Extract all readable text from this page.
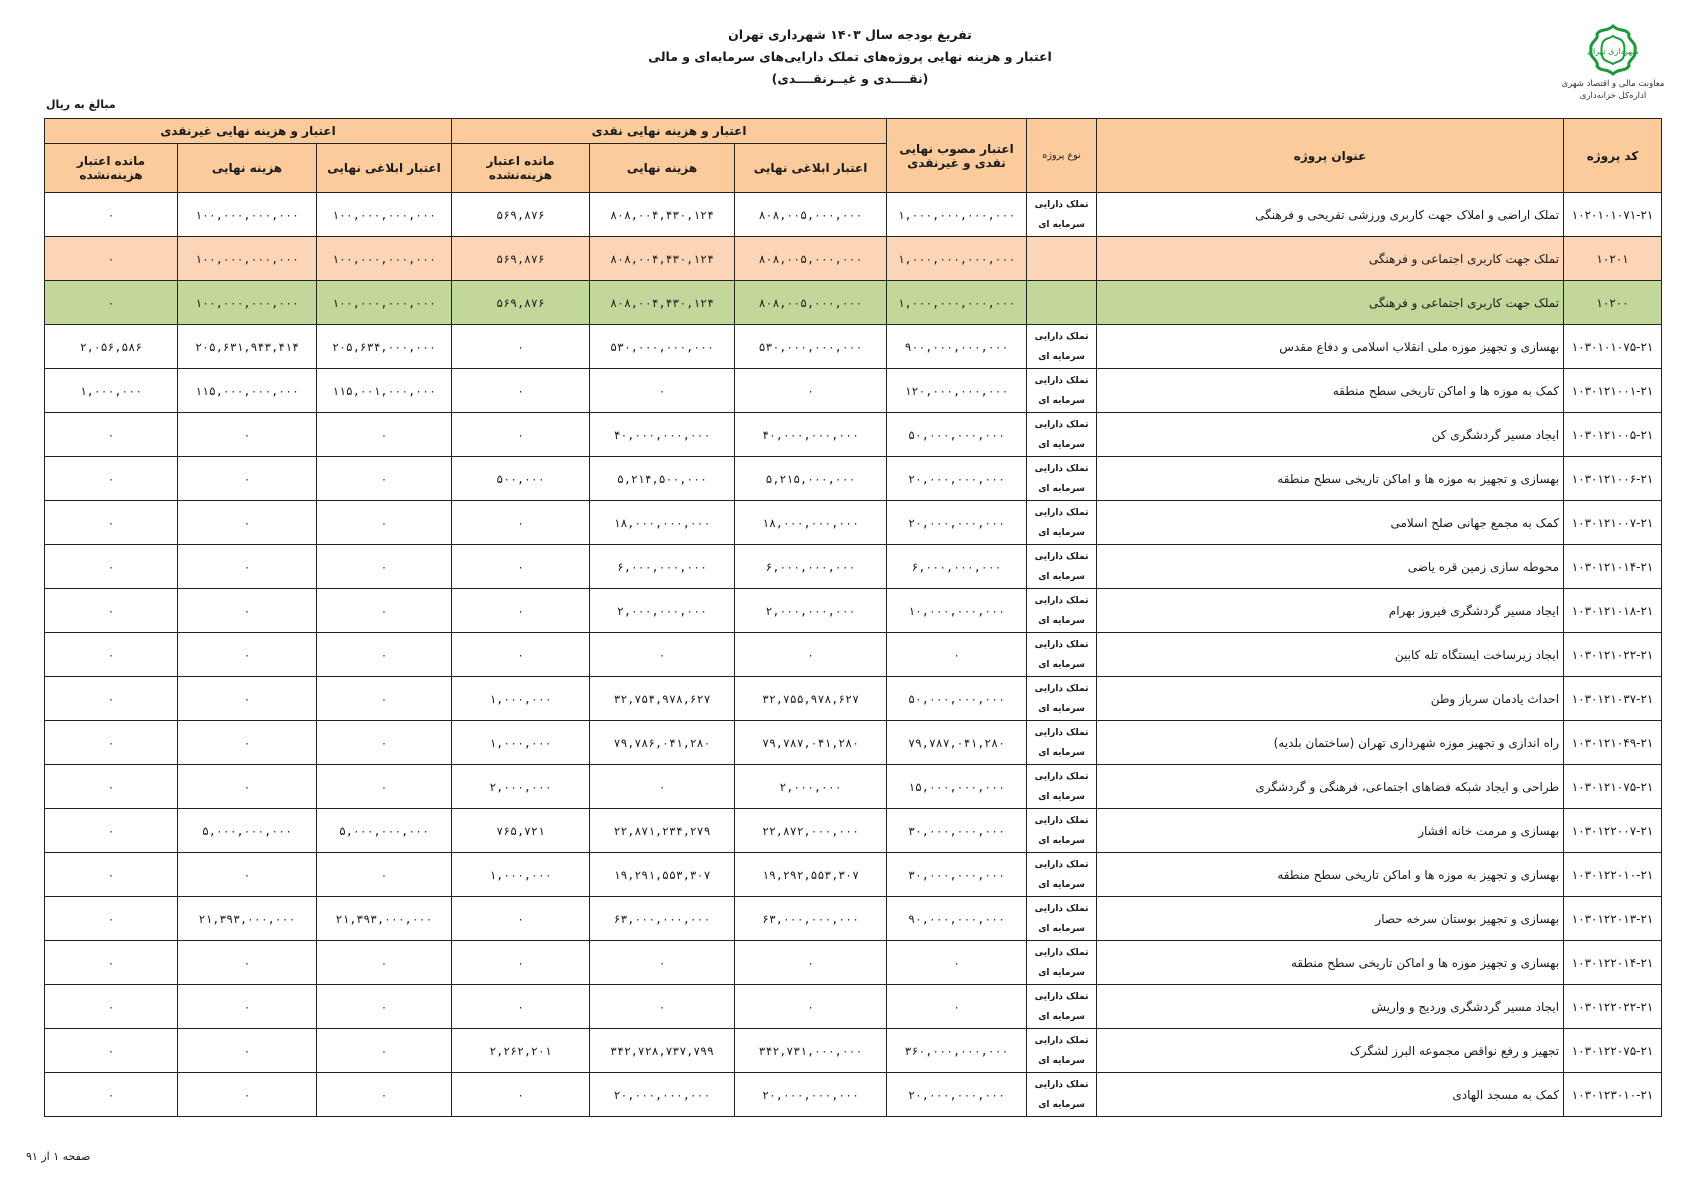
تفریغ بودجه سال ۱۴۰۳ شهرداری تهران
اعتبار و هزینه نهایی پروژه‌های تملک دارایی‌های سرمایه‌ای و مالی
(نقــــدی و غیــرنقــــدی)
شهرداری تهران
معاونت مالی و اقتصاد شهری
اداره‌کل خزانه‌داری
مبالغ به ریال
کد پروژه	عنوان پروژه	نوع پروژه	اعتبار مصوب نهایی نقدی و غیرنقدی	اعتبار و هزینه نهایی نقدی			اعتبار و هزینه نهایی غیرنقدی		
				اعتبار ابلاغی نهایی	هزینه نهایی	مانده اعتبار هزینه‌نشده	اعتبار ابلاغی نهایی	هزینه نهایی	مانده اعتبار هزینه‌نشده
۱۰۲۰۱۰۱۰۷۱-۲۱	تملک اراضی و املاک جهت کاربری ورزشی تفریحی و فرهنگی	تملک دارایی
سرمایه ای	۱,۰۰۰,۰۰۰,۰۰۰,۰۰۰	۸۰۸,۰۰۵,۰۰۰,۰۰۰	۸۰۸,۰۰۴,۴۳۰,۱۲۴	۵۶۹,۸۷۶	۱۰۰,۰۰۰,۰۰۰,۰۰۰	۱۰۰,۰۰۰,۰۰۰,۰۰۰	۰
۱۰۲۰۱	تملک جهت کاربری اجتماعی و فرهنگی		۱,۰۰۰,۰۰۰,۰۰۰,۰۰۰	۸۰۸,۰۰۵,۰۰۰,۰۰۰	۸۰۸,۰۰۴,۴۳۰,۱۲۴	۵۶۹,۸۷۶	۱۰۰,۰۰۰,۰۰۰,۰۰۰	۱۰۰,۰۰۰,۰۰۰,۰۰۰	۰
۱۰۲۰۰	تملک جهت کاربری اجتماعی و فرهنگی		۱,۰۰۰,۰۰۰,۰۰۰,۰۰۰	۸۰۸,۰۰۵,۰۰۰,۰۰۰	۸۰۸,۰۰۴,۴۳۰,۱۲۴	۵۶۹,۸۷۶	۱۰۰,۰۰۰,۰۰۰,۰۰۰	۱۰۰,۰۰۰,۰۰۰,۰۰۰	۰
۱۰۳۰۱۰۱۰۷۵-۲۱	بهسازی و تجهیز موزه ملی انقلاب اسلامی و دفاع مقدس	تملک دارایی
سرمایه ای	۹۰۰,۰۰۰,۰۰۰,۰۰۰	۵۳۰,۰۰۰,۰۰۰,۰۰۰	۵۳۰,۰۰۰,۰۰۰,۰۰۰	۰	۲۰۵,۶۳۴,۰۰۰,۰۰۰	۲۰۵,۶۳۱,۹۴۳,۴۱۴	۲,۰۵۶,۵۸۶
۱۰۳۰۱۲۱۰۰۱-۲۱	کمک به موزه ها و اماکن تاریخی سطح منطقه	تملک دارایی
سرمایه ای	۱۲۰,۰۰۰,۰۰۰,۰۰۰	۰	۰	۰	۱۱۵,۰۰۱,۰۰۰,۰۰۰	۱۱۵,۰۰۰,۰۰۰,۰۰۰	۱,۰۰۰,۰۰۰
۱۰۳۰۱۲۱۰۰۵-۲۱	ایجاد مسیر گردشگری کن	تملک دارایی
سرمایه ای	۵۰,۰۰۰,۰۰۰,۰۰۰	۴۰,۰۰۰,۰۰۰,۰۰۰	۴۰,۰۰۰,۰۰۰,۰۰۰	۰	۰	۰	۰
۱۰۳۰۱۲۱۰۰۶-۲۱	بهسازی و تجهیز به موزه ها و اماکن تاریخی سطح منطقه	تملک دارایی
سرمایه ای	۲۰,۰۰۰,۰۰۰,۰۰۰	۵,۲۱۵,۰۰۰,۰۰۰	۵,۲۱۴,۵۰۰,۰۰۰	۵۰۰,۰۰۰	۰	۰	۰
۱۰۳۰۱۲۱۰۰۷-۲۱	کمک به مجمع جهانی صلح اسلامی	تملک دارایی
سرمایه ای	۲۰,۰۰۰,۰۰۰,۰۰۰	۱۸,۰۰۰,۰۰۰,۰۰۰	۱۸,۰۰۰,۰۰۰,۰۰۰	۰	۰	۰	۰
۱۰۳۰۱۲۱۰۱۴-۲۱	محوطه سازی زمین قره یاضی	تملک دارایی
سرمایه ای	۶,۰۰۰,۰۰۰,۰۰۰	۶,۰۰۰,۰۰۰,۰۰۰	۶,۰۰۰,۰۰۰,۰۰۰	۰	۰	۰	۰
۱۰۳۰۱۲۱۰۱۸-۲۱	ایجاد مسیر گردشگری فیروز بهرام	تملک دارایی
سرمایه ای	۱۰,۰۰۰,۰۰۰,۰۰۰	۲,۰۰۰,۰۰۰,۰۰۰	۲,۰۰۰,۰۰۰,۰۰۰	۰	۰	۰	۰
۱۰۳۰۱۲۱۰۲۲-۲۱	ایجاد زیرساخت ایستگاه تله کابین	تملک دارایی
سرمایه ای	۰	۰	۰	۰	۰	۰	۰
۱۰۳۰۱۲۱۰۳۷-۲۱	احداث یادمان سرباز وطن	تملک دارایی
سرمایه ای	۵۰,۰۰۰,۰۰۰,۰۰۰	۳۲,۷۵۵,۹۷۸,۶۲۷	۳۲,۷۵۴,۹۷۸,۶۲۷	۱,۰۰۰,۰۰۰	۰	۰	۰
۱۰۳۰۱۲۱۰۴۹-۲۱	راه اندازی و تجهیز موزه شهرداری تهران (ساختمان بلدیه)	تملک دارایی
سرمایه ای	۷۹,۷۸۷,۰۴۱,۲۸۰	۷۹,۷۸۷,۰۴۱,۲۸۰	۷۹,۷۸۶,۰۴۱,۲۸۰	۱,۰۰۰,۰۰۰	۰	۰	۰
۱۰۳۰۱۲۱۰۷۵-۲۱	طراحی و ایجاد شبکه فضاهای اجتماعی، فرهنگی و گردشگری	تملک دارایی
سرمایه ای	۱۵,۰۰۰,۰۰۰,۰۰۰	۲,۰۰۰,۰۰۰	۰	۲,۰۰۰,۰۰۰	۰	۰	۰
۱۰۳۰۱۲۲۰۰۷-۲۱	بهسازی و مرمت خانه افشار	تملک دارایی
سرمایه ای	۳۰,۰۰۰,۰۰۰,۰۰۰	۲۲,۸۷۲,۰۰۰,۰۰۰	۲۲,۸۷۱,۲۳۴,۲۷۹	۷۶۵,۷۲۱	۵,۰۰۰,۰۰۰,۰۰۰	۵,۰۰۰,۰۰۰,۰۰۰	۰
۱۰۳۰۱۲۲۰۱۰-۲۱	بهسازی و تجهیز به موزه ها و اماکن تاریخی سطح منطقه	تملک دارایی
سرمایه ای	۳۰,۰۰۰,۰۰۰,۰۰۰	۱۹,۲۹۲,۵۵۳,۳۰۷	۱۹,۲۹۱,۵۵۳,۳۰۷	۱,۰۰۰,۰۰۰	۰	۰	۰
۱۰۳۰۱۲۲۰۱۳-۲۱	بهسازی و تجهیز بوستان سرخه حصار	تملک دارایی
سرمایه ای	۹۰,۰۰۰,۰۰۰,۰۰۰	۶۳,۰۰۰,۰۰۰,۰۰۰	۶۳,۰۰۰,۰۰۰,۰۰۰	۰	۲۱,۳۹۳,۰۰۰,۰۰۰	۲۱,۳۹۳,۰۰۰,۰۰۰	۰
۱۰۳۰۱۲۲۰۱۴-۲۱	بهسازی و تجهیز موزه ها و اماکن تاریخی سطح منطقه	تملک دارایی
سرمایه ای	۰	۰	۰	۰	۰	۰	۰
۱۰۳۰۱۲۲۰۲۲-۲۱	ایجاد مسیر گردشگری وردیج و واریش	تملک دارایی
سرمایه ای	۰	۰	۰	۰	۰	۰	۰
۱۰۳۰۱۲۲۰۷۵-۲۱	تجهیز و رفع نواقص مجموعه البرز لشگرک	تملک دارایی
سرمایه ای	۳۶۰,۰۰۰,۰۰۰,۰۰۰	۳۴۲,۷۳۱,۰۰۰,۰۰۰	۳۴۲,۷۲۸,۷۳۷,۷۹۹	۲,۲۶۲,۲۰۱	۰	۰	۰
۱۰۳۰۱۲۳۰۱۰-۲۱	کمک به مسجد الهادی	تملک دارایی
سرمایه ای	۲۰,۰۰۰,۰۰۰,۰۰۰	۲۰,۰۰۰,۰۰۰,۰۰۰	۲۰,۰۰۰,۰۰۰,۰۰۰	۰	۰	۰	۰
صفحه ۱ از ۹۱
